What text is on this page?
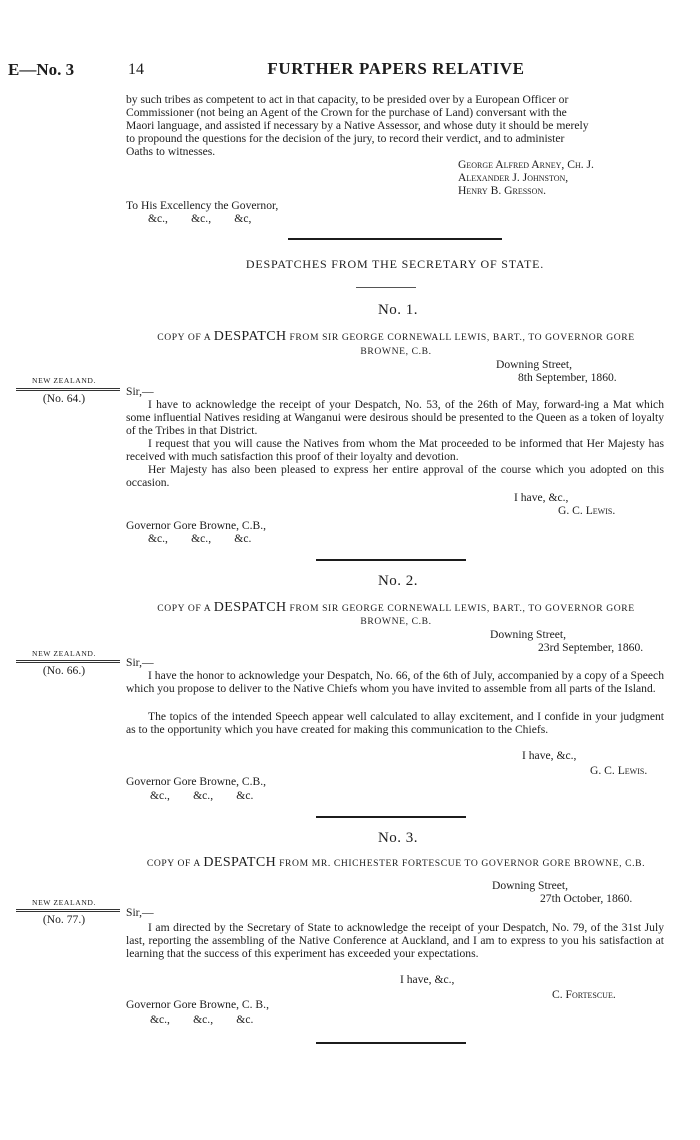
E—No. 3	14	FURTHER PAPERS RELATIVE
by such tribes as competent to act in that capacity, to be presided over by a European Officer or
Commissioner (not being an Agent of the Crown for the purchase of Land) conversant with the
Maori language, and assisted if necessary by a Native Assessor, and whose duty it should be merely
to propound the questions for the decision of the jury, to record their verdict, and to administer
Oaths to witnesses.
George Alfred Arney, Ch. J.
Alexander J. Johnston,
Henry B. Gresson.
To His Excellency the Governor,
&c.,        &c.,        &c,
DESPATCHES FROM THE SECRETARY OF STATE.
No. 1.
COPY OF A DESPATCH FROM SIR GEORGE CORNEWALL LEWIS, BART., TO GOVERNOR GORE
BROWNE, C.B.
Downing Street,
8th September, 1860.
NEW ZEALAND.
(No. 64.)
Sir,—
I have to acknowledge the receipt of your Despatch, No. 53, of the 26th of May, forward-ing a Mat which some influential Natives residing at Wanganui were desirous should be presented to the Queen as a token of loyalty of the Tribes in that District.
I request that you will cause the Natives from whom the Mat proceeded to be informed that Her Majesty has received with much satisfaction this proof of their loyalty and devotion.
Her Majesty has also been pleased to express her entire approval of the course which you adopted on this occasion.
I have, &c.,
G. C. Lewis.
Governor Gore Browne, C.B.,
&c.,        &c.,        &c.
No. 2.
COPY OF A DESPATCH FROM SIR GEORGE CORNEWALL LEWIS, BART., TO GOVERNOR GORE
BROWNE, C.B.
Downing Street,
23rd September, 1860.
NEW ZEALAND.
(No. 66.)
Sir,—
I have the honor to acknowledge your Despatch, No. 66, of the 6th of July, accompanied by a copy of a Speech which you propose to deliver to the Native Chiefs whom you have invited to assemble from all parts of the Island.
The topics of the intended Speech appear well calculated to allay excitement, and I confide in your judgment as to the opportunity which you have created for making this communication to the Chiefs.
I have, &c.,
G. C. Lewis.
Governor Gore Browne, C.B.,
&c.,        &c.,        &c.
No. 3.
COPY OF A DESPATCH FROM MR. CHICHESTER FORTESCUE TO GOVERNOR GORE BROWNE, C.B.
Downing Street,
27th October, 1860.
NEW ZEALAND.
(No. 77.)
Sir,—
I am directed by the Secretary of State to acknowledge the receipt of your Despatch, No. 79, of the 31st July last, reporting the assembling of the Native Conference at Auckland, and I am to express to you his satisfaction at learning that the success of this experiment has exceeded your expectations.
I have, &c.,
C. Fortescue.
Governor Gore Browne, C. B.,
&c.,        &c.,        &c.
